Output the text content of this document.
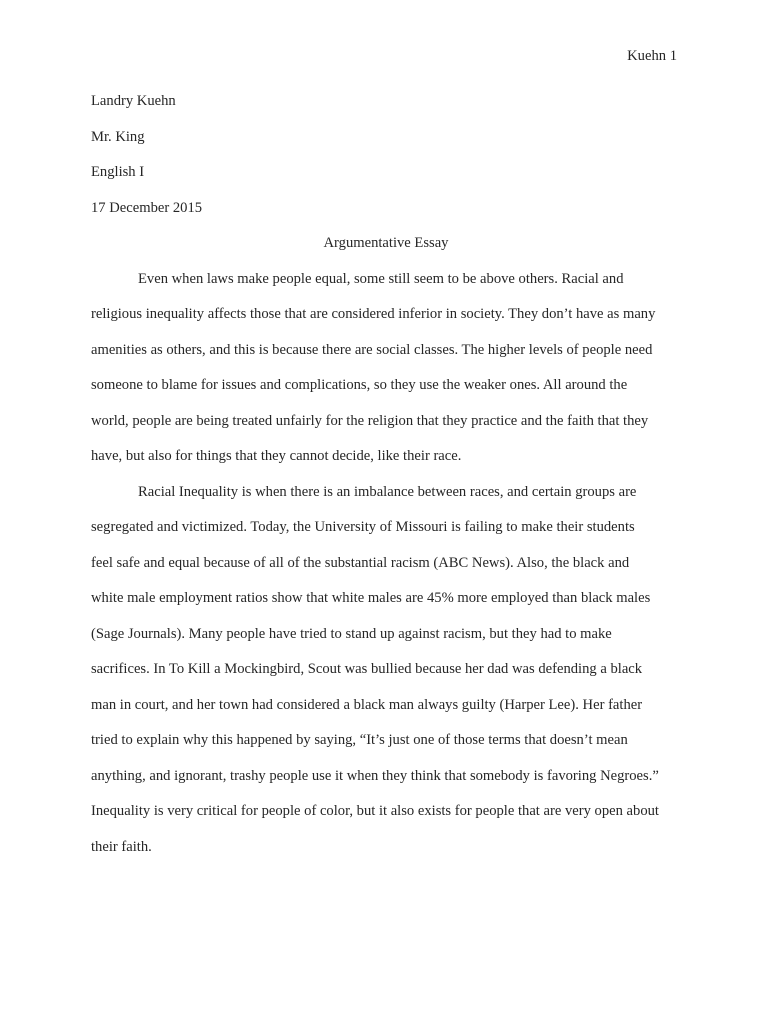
Kuehn 1
Landry Kuehn
Mr. King
English I
17 December 2015
Argumentative Essay
Even when laws make people equal, some still seem to be above others. Racial and
religious inequality affects those that are considered inferior in society. They don’t have as many
amenities as others, and this is because there are social classes. The higher levels of people need
someone to blame for issues and complications, so they use the weaker ones. All around the
world, people are being treated unfairly for the religion that they practice and the faith that they
have, but also for things that they cannot decide, like their race.
Racial Inequality is when there is an imbalance between races, and certain groups are
segregated and victimized. Today, the University of Missouri is failing to make their students
feel safe and equal because of all of the substantial racism (ABC News). Also, the black and
white male employment ratios show that white males are 45% more employed than black males
(Sage Journals). Many people have tried to stand up against racism, but they had to make
sacrifices. In To Kill a Mockingbird, Scout was bullied because her dad was defending a black
man in court, and her town had considered a black man always guilty (Harper Lee). Her father
tried to explain why this happened by saying, “It’s just one of those terms that doesn’t mean
anything, and ignorant, trashy people use it when they think that somebody is favoring Negroes.”
Inequality is very critical for people of color, but it also exists for people that are very open about
their faith.
